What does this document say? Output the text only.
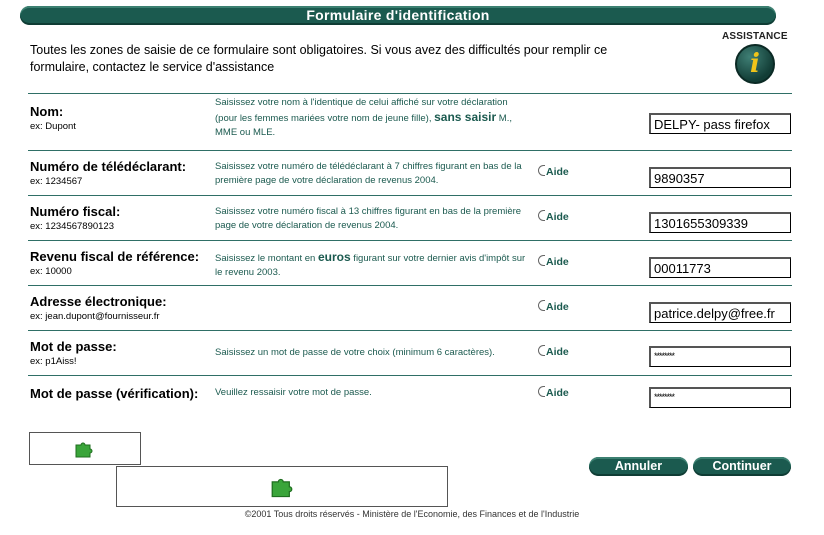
Formulaire d'identification
Toutes les zones de saisie de ce formulaire sont obligatoires. Si vous avez des difficultés pour remplir ce formulaire, contactez le service d'assistance
ASSISTANCE
i
Nom:
ex: Dupont
Saisissez votre nom à l'identique de celui affiché sur votre déclaration (pour les femmes mariées votre nom de jeune fille), sans saisir M., MME ou MLE.
DELPY- pass firefox
Numéro de télédéclarant:
ex: 1234567
Saisissez votre numéro de télédéclarant à 7 chiffres figurant en bas de la première page de votre déclaration de revenus 2004.
Aide
9890357
Numéro fiscal:
ex: 1234567890123
Saisissez votre numéro fiscal à 13 chiffres figurant en bas de la première page de votre déclaration de revenus 2004.
Aide
1301655309339
Revenu fiscal de référence:
ex: 10000
Saisissez le montant en euros figurant sur votre dernier avis d'impôt sur le revenu 2003.
Aide
00011773
Adresse électronique:
ex: jean.dupont@fournisseur.fr
Aide
patrice.delpy@free.fr
Mot de passe:
ex: p1Aiss!
Saisissez un mot de passe de votre choix (minimum 6 caractères).	Aide	********
Mot de passe (vérification): Veuillez ressaisir votre mot de passe.	Aide	********
Annuler	Continuer
©2001 Tous droits réservés - Ministère de l'Economie, des Finances et de l'Industrie
